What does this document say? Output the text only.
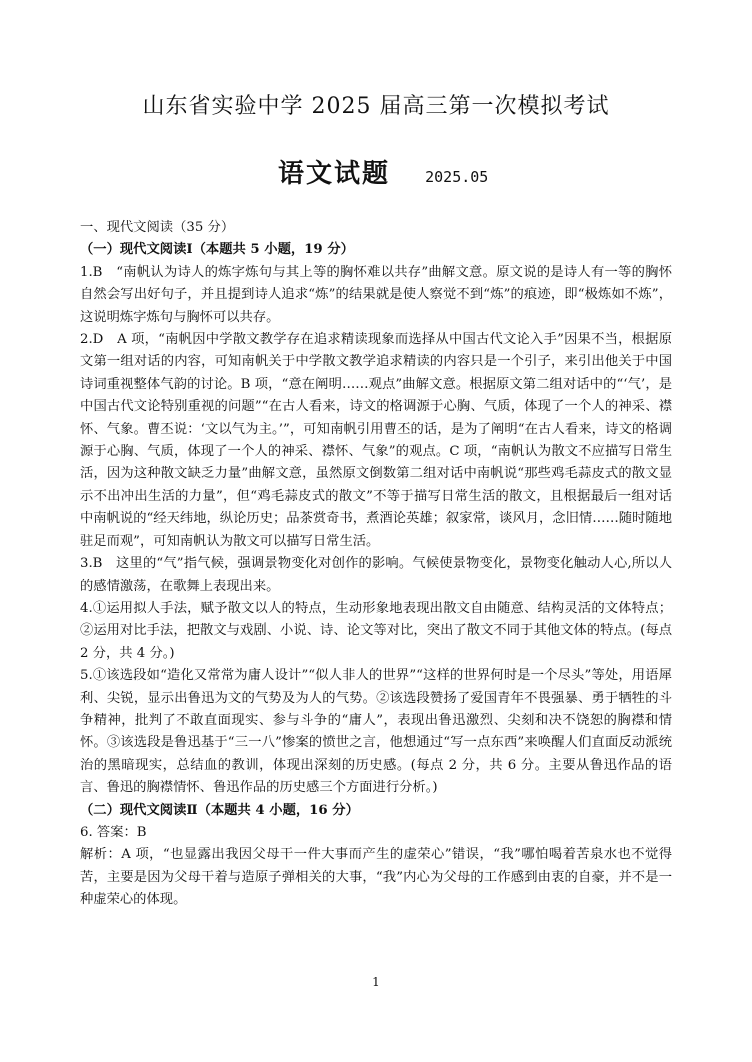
山东省实验中学 2025 届高三第一次模拟考试
语文试题 2025.05

一、现代文阅读（35 分）

（一）现代文阅读Ⅰ（本题共 5 小题，19 分）

1.B　“南帆认为诗人的炼字炼句与其上等的胸怀难以共存”曲解文意。原文说的是诗人有一等的胸怀自然会写出好句子，并且提到诗人追求“炼”的结果就是使人察觉不到“炼”的痕迹，即“极炼如不炼”，这说明炼字炼句与胸怀可以共存。

2.D　A 项，“南帆因中学散文教学存在追求精读现象而选择从中国古代文论入手”因果不当，根据原文第一组对话的内容，可知南帆关于中学散文教学追求精读的内容只是一个引子，来引出他关于中国诗词重视整体气韵的讨论。B 项，“意在阐明……观点”曲解文意。根据原文第二组对话中的“‘气’，是中国古代文论特别重视的问题”“在古人看来，诗文的格调源于心胸、气质，体现了一个人的神采、襟怀、气象。曹丕说：‘文以气为主。’”，可知南帆引用曹丕的话，是为了阐明“在古人看来，诗文的格调源于心胸、气质，体现了一个人的神采、襟怀、气象”的观点。C 项，“南帆认为散文不应描写日常生活，因为这种散文缺乏力量”曲解文意，虽然原文倒数第二组对话中南帆说“那些鸡毛蒜皮式的散文显示不出冲出生活的力量”，但“鸡毛蒜皮式的散文”不等于描写日常生活的散文，且根据最后一组对话中南帆说的“经天纬地，纵论历史；品茶赏奇书，煮酒论英雄；叙家常，谈风月，念旧情……随时随地驻足而观”，可知南帆认为散文可以描写日常生活。

3.B　这里的“气”指气候，强调景物变化对创作的影响。气候使景物变化，景物变化触动人心,所以人的感情激荡，在歌舞上表现出来。

4.①运用拟人手法，赋予散文以人的特点，生动形象地表现出散文自由随意、结构灵活的文体特点；②运用对比手法，把散文与戏剧、小说、诗、论文等对比，突出了散文不同于其他文体的特点。(每点 2 分，共 4 分。)

5.①该选段如“造化又常常为庸人设计”“似人非人的世界”“这样的世界何时是一个尽头”等处，用语犀利、尖锐，显示出鲁迅为文的气势及为人的气势。②该选段赞扬了爱国青年不畏强暴、勇于牺牲的斗争精神，批判了不敢直面现实、参与斗争的“庸人”，表现出鲁迅激烈、尖刻和决不饶恕的胸襟和情怀。③该选段是鲁迅基于“三一八”惨案的愤世之言，他想通过“写一点东西”来唤醒人们直面反动派统治的黑暗现实，总结血的教训，体现出深刻的历史感。(每点 2 分，共 6 分。主要从鲁迅作品的语言、鲁迅的胸襟情怀、鲁迅作品的历史感三个方面进行分析。)

（二）现代文阅读Ⅱ（本题共 4 小题，16 分）

6. 答案：B

解析：A 项，“也显露出我因父母干一件大事而产生的虚荣心”错误，“我”哪怕喝着苦泉水也不觉得苦，主要是因为父母干着与造原子弹相关的大事，“我”内心为父母的工作感到由衷的自豪，并不是一种虚荣心的体现。

1
